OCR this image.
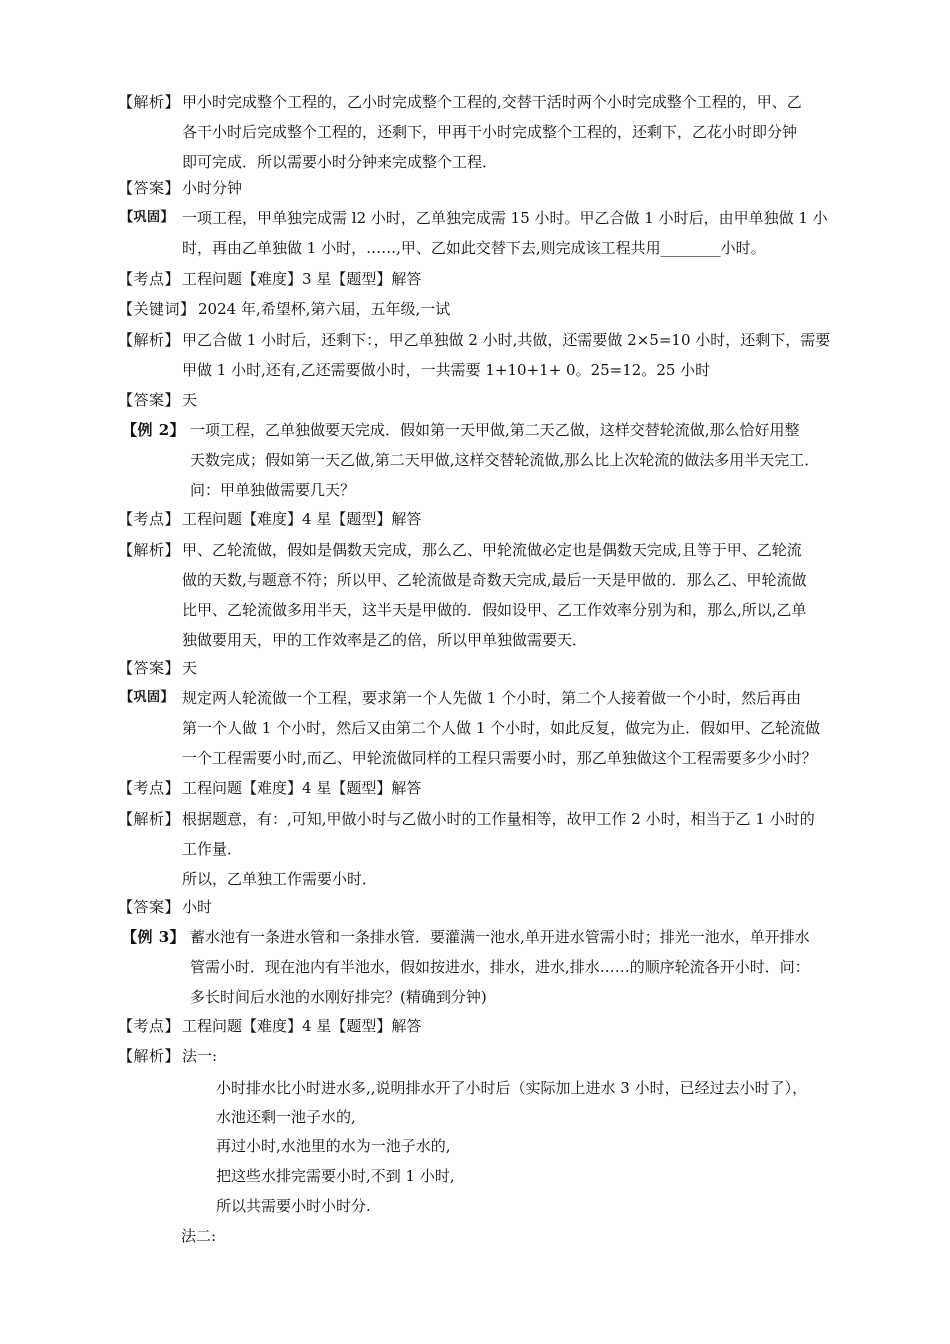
【解析】 甲小时完成整个工程的，乙小时完成整个工程的,交替干活时两个小时完成整个工程的，甲、乙
各干小时后完成整个工程的，还剩下，甲再干小时完成整个工程的，还剩下，乙花小时即分钟
即可完成．所以需要小时分钟来完成整个工程．
【答案】 小时分钟
【巩固】 一项工程，甲单独完成需 l2 小时，乙单独完成需 15 小时。甲乙合做 1 小时后，由甲单独做 1 小
时，再由乙单独做 1 小时，……,甲、乙如此交替下去,则完成该工程共用________小时。
【考点】 工程问题【难度】3 星【题型】解答
【关键词】 2024 年,希望杯,第六届，五年级,一试
【解析】 甲乙合做 1 小时后，还剩下：，甲乙单独做 2 小时,共做，还需要做 2×5=10 小时，还剩下，需要
甲做 1 小时,还有,乙还需要做小时，一共需要 1+10+1+ 0。25=12。25 小时
【答案】 天
【例 2】 一项工程，乙单独做要天完成．假如第一天甲做,第二天乙做，这样交替轮流做,那么恰好用整
天数完成；假如第一天乙做,第二天甲做,这样交替轮流做,那么比上次轮流的做法多用半天完工．
问：甲单独做需要几天？
【考点】 工程问题【难度】4 星【题型】解答
【解析】 甲、乙轮流做，假如是偶数天完成，那么乙、甲轮流做必定也是偶数天完成,且等于甲、乙轮流
做的天数,与题意不符；所以甲、乙轮流做是奇数天完成,最后一天是甲做的．那么乙、甲轮流做
比甲、乙轮流做多用半天，这半天是甲做的．假如设甲、乙工作效率分别为和，那么,所以,乙单
独做要用天，甲的工作效率是乙的倍，所以甲单独做需要天．
【答案】 天
【巩固】 规定两人轮流做一个工程，要求第一个人先做 1 个小时，第二个人接着做一个小时，然后再由
第一个人做 1 个小时，然后又由第二个人做 1 个小时，如此反复，做完为止．假如甲、乙轮流做
一个工程需要小时,而乙、甲轮流做同样的工程只需要小时，那乙单独做这个工程需要多少小时？
【考点】 工程问题【难度】4 星【题型】解答
【解析】 根据题意，有：,可知,甲做小时与乙做小时的工作量相等，故甲工作 2 小时，相当于乙 1 小时的
工作量．
所以，乙单独工作需要小时．
【答案】 小时
【例 3】 蓄水池有一条进水管和一条排水管．要灌满一池水,单开进水管需小时；排光一池水，单开排水
管需小时．现在池内有半池水，假如按进水，排水，进水,排水……的顺序轮流各开小时．问：
多长时间后水池的水刚好排完？(精确到分钟)
【考点】 工程问题【难度】4 星【题型】解答
【解析】 法一:
小时排水比小时进水多,,说明排水开了小时后（实际加上进水 3 小时，已经过去小时了），
水池还剩一池子水的,
再过小时,水池里的水为一池子水的,
把这些水排完需要小时,不到 1 小时,
所以共需要小时小时分.
法二:
